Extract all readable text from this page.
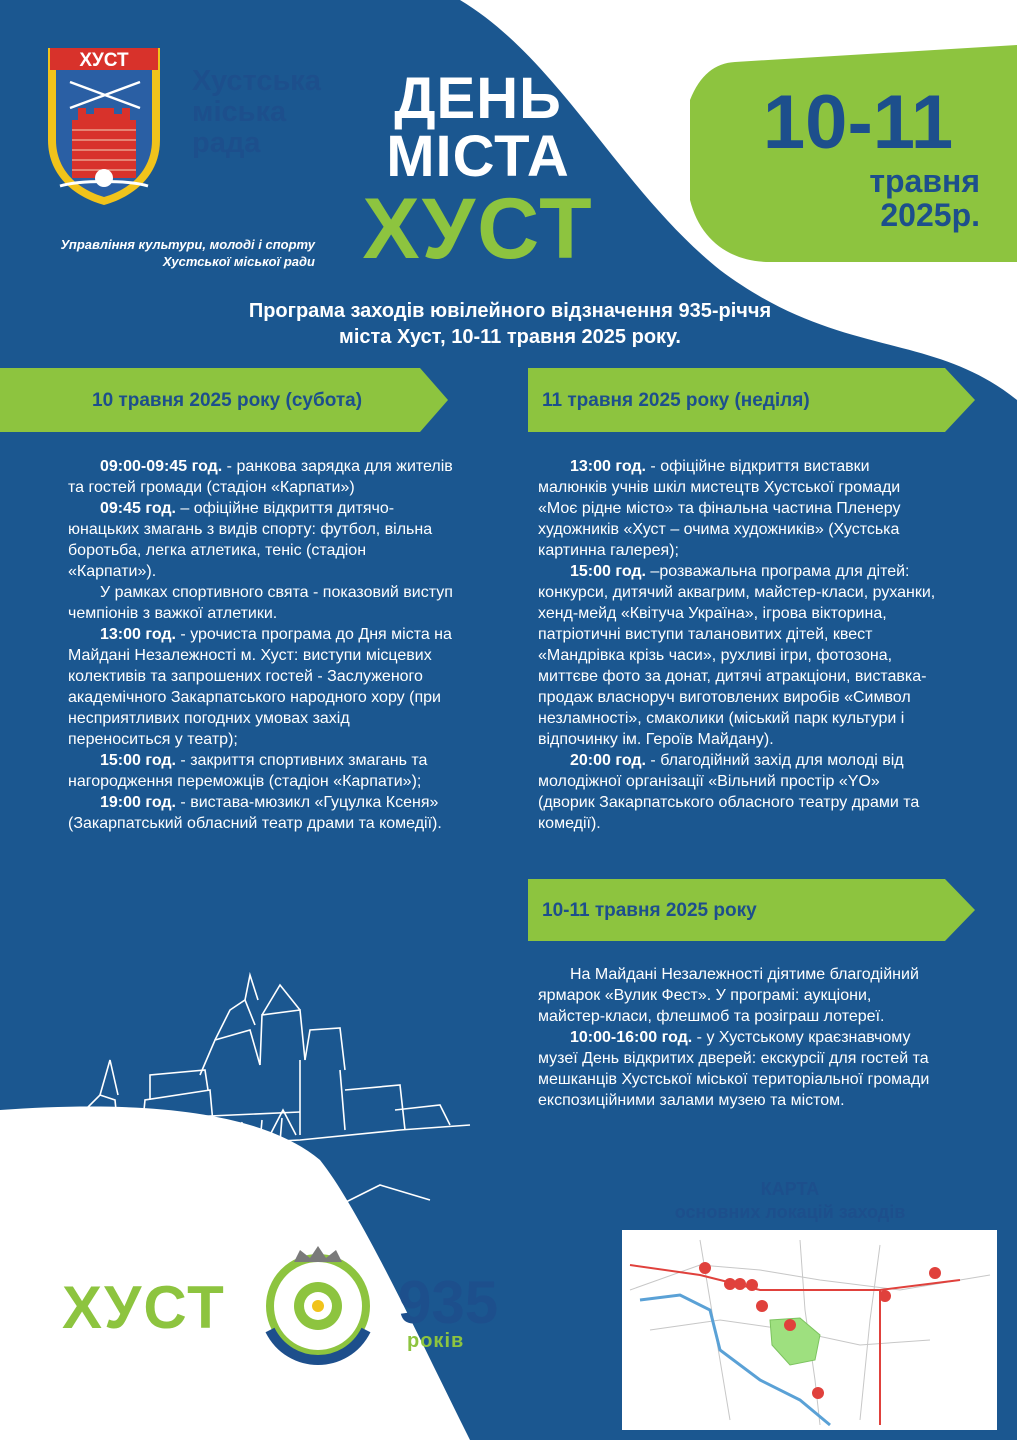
ХУСТ
Хустська
міська
рада
Управління культури, молоді і спорту
Хустської міської ради
ДЕНЬ
МІСТА
ХУСТ
10-11
травня
2025р.
Програма заходів ювілейного відзначення 935-річчя
міста Хуст, 10-11 травня 2025 року.
10 травня 2025 року (субота)	11 травня 2025 року (неділя)
10-11 травня 2025 року

09:00-09:45 год. - ранкова зарядка для жителів та гостей громади (стадіон «Карпати»)

09:45 год. – офіційне відкриття дитячо-юнацьких змагань з видів спорту: футбол, вільна боротьба, легка атлетика, теніс (стадіон «Карпати»).

У рамках спортивного свята - показовий виступ чемпіонів з важкої атлетики.

13:00 год. - урочиста програма до Дня міста на Майдані Незалежності м. Хуст: виступи місцевих колективів та запрошених гостей - Заслуженого академічного Закарпатського народного хору (при несприятливих погодних умовах захід переноситься у театр);

15:00 год. - закриття спортивних змагань та нагородження переможців (стадіон «Карпати»);

19:00 год. - вистава-мюзикл «Гуцулка Ксеня» (Закарпатський обласний театр драми та комедії).

13:00 год. - офіційне відкриття виставки малюнків учнів шкіл мистецтв Хустської громади «Моє рідне місто» та фінальна частина Пленеру художників «Хуст – очима художників» (Хустська картинна галерея);

15:00 год. –розважальна програма для дітей: конкурси, дитячий аквагрим, майстер-класи, руханки, хенд-мейд «Квітуча Україна», ігрова вікторина, патріотичні виступи талановитих дітей, квест «Мандрівка крізь часи», рухливі ігри, фотозона, миттєве фото за донат, дитячі атракціони, виставка-продаж власноруч виготовлених виробів «Символ незламності», смаколики (міський парк культури і відпочинку ім. Героїв Майдану).

20:00 год. - благодійний захід для молоді від молодіжної організації «Вільний простір «YO» (дворик Закарпатського обласного театру драми та комедії).

На Майдані Незалежності діятиме благодійний ярмарок «Вулик Фест». У програмі: аукціони, майстер-класи, флешмоб та розіграш лотереї.

10:00-16:00 год. - у Хустському краєзнавчому музеї День відкритих дверей: екскурсії для гостей та мешканців Хустської міської територіальної громади експозиційними залами музею та містом.

КАРТА
основних локацій заходів
ХУСТ	935
років
